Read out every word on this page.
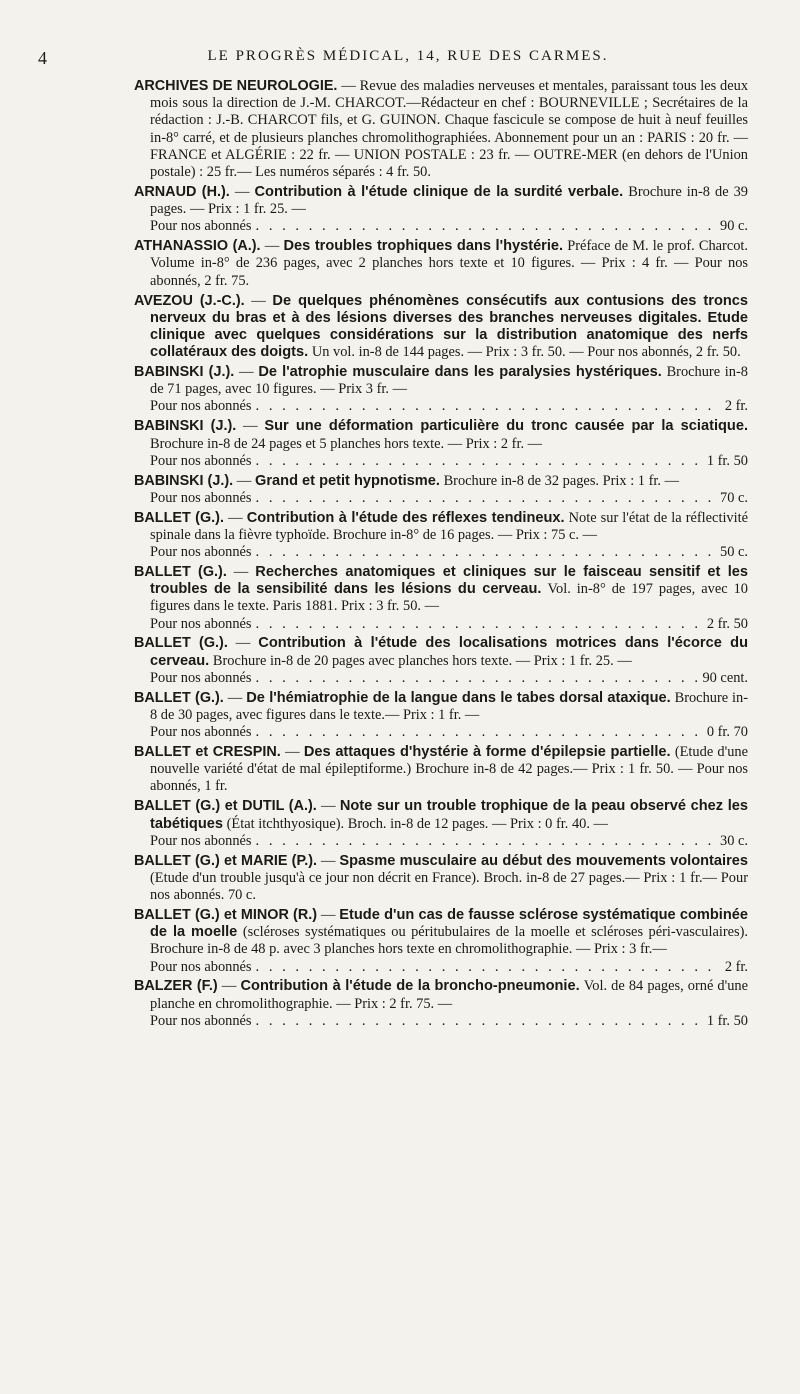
4	LE PROGRÈS MÉDICAL, 14, RUE DES CARMES.

ARCHIVES DE NEUROLOGIE. — Revue des maladies nerveuses et mentales, paraissant tous les deux mois sous la direction de J.-M. CHARCOT.—Rédacteur en chef : BOURNEVILLE ; Secrétaires de la rédaction : J.-B. CHARCOT fils, et G. GUINON. Chaque fascicule se compose de huit à neuf feuilles in-8° carré, et de plusieurs planches chromolithographiées. Abonnement pour un an : PARIS : 20 fr. — FRANCE et ALGÉRIE : 22 fr. — UNION POSTALE : 23 fr. — OUTRE-MER (en dehors de l'Union postale) : 25 fr.— Les numéros séparés : 4 fr. 50.

ARNAUD (H.). — Contribution à l'étude clinique de la surdité verbale. Brochure in-8 de 39 pages. — Prix : 1 fr. 25. —
Pour nos abonnés . . .	90 c.

ATHANASSIO (A.). — Des troubles trophiques dans l'hystérie. Préface de M. le prof. Charcot. Volume in-8° de 236 pages, avec 2 planches hors texte et 10 figures. — Prix : 4 fr. — Pour nos abonnés, 2 fr. 75.

AVEZOU (J.-C.). — De quelques phénomènes consécutifs aux contusions des troncs nerveux du bras et à des lésions diverses des branches nerveuses digitales. Etude clinique avec quelques considérations sur la distribution anatomique des nerfs collatéraux des doigts. Un vol. in-8 de 144 pages. — Prix : 3 fr. 50. — Pour nos abonnés, 2 fr. 50.

BABINSKI (J.). — De l'atrophie musculaire dans les paralysies hystériques. Brochure in-8 de 71 pages, avec 10 figures. — Prix 3 fr. —
Pour nos abonnés . . .	2 fr.

BABINSKI (J.). — Sur une déformation particulière du tronc causée par la sciatique. Brochure in-8 de 24 pages et 5 planches hors texte. — Prix : 2 fr. —
Pour nos abonnés . . .	1 fr. 50

BABINSKI (J.). — Grand et petit hypnotisme. Brochure in-8 de 32 pages. Prix : 1 fr. —
Pour nos abonnés . . .	70 c.

BALLET (G.). — Contribution à l'étude des réflexes tendineux. Note sur l'état de la réflectivité spinale dans la fièvre typhoïde. Brochure in-8° de 16 pages. — Prix : 75 c. —
Pour nos abonnés . . .	50 c.

BALLET (G.). — Recherches anatomiques et cliniques sur le faisceau sensitif et les troubles de la sensibilité dans les lésions du cerveau. Vol. in-8° de 197 pages, avec 10 figures dans le texte. Paris 1881. Prix : 3 fr. 50. —
Pour nos abonnés . . .	2 fr. 50

BALLET (G.). — Contribution à l'étude des localisations motrices dans l'écorce du cerveau. Brochure in-8 de 20 pages avec planches hors texte. — Prix : 1 fr. 25. —
Pour nos abonnés . . .	90 cent.

BALLET (G.). — De l'hémiatrophie de la langue dans le tabes dorsal ataxique. Brochure in-8 de 30 pages, avec figures dans le texte.— Prix : 1 fr. —
Pour nos abonnés . . .	0 fr. 70

BALLET et CRESPIN. — Des attaques d'hystérie à forme d'épilepsie partielle. (Etude d'une nouvelle variété d'état de mal épileptiforme.) Brochure in-8 de 42 pages.— Prix : 1 fr. 50. — Pour nos abonnés, 1 fr.

BALLET (G.) et DUTIL (A.). — Note sur un trouble trophique de la peau observé chez les tabétiques (État itchthyosique). Broch. in-8 de 12 pages. — Prix : 0 fr. 40. —
Pour nos abonnés . . .	30 c.

BALLET (G.) et MARIE (P.). — Spasme musculaire au début des mouvements volontaires (Etude d'un trouble jusqu'à ce jour non décrit en France). Broch. in-8 de 27 pages.— Prix : 1 fr.— Pour nos abonnés. 70 c.

BALLET (G.) et MINOR (R.) — Etude d'un cas de fausse sclérose systématique combinée de la moelle (scléroses systématiques ou péritubulaires de la moelle et scléroses péri-vasculaires). Brochure in-8 de 48 p. avec 3 planches hors texte en chromolithographie. — Prix : 3 fr.—
Pour nos abonnés . . .	2 fr.

BALZER (F.) — Contribution à l'étude de la broncho-pneumonie. Vol. de 84 pages, orné d'une planche en chromolithographie. — Prix : 2 fr. 75. —
Pour nos abonnés . . .	1 fr. 50
